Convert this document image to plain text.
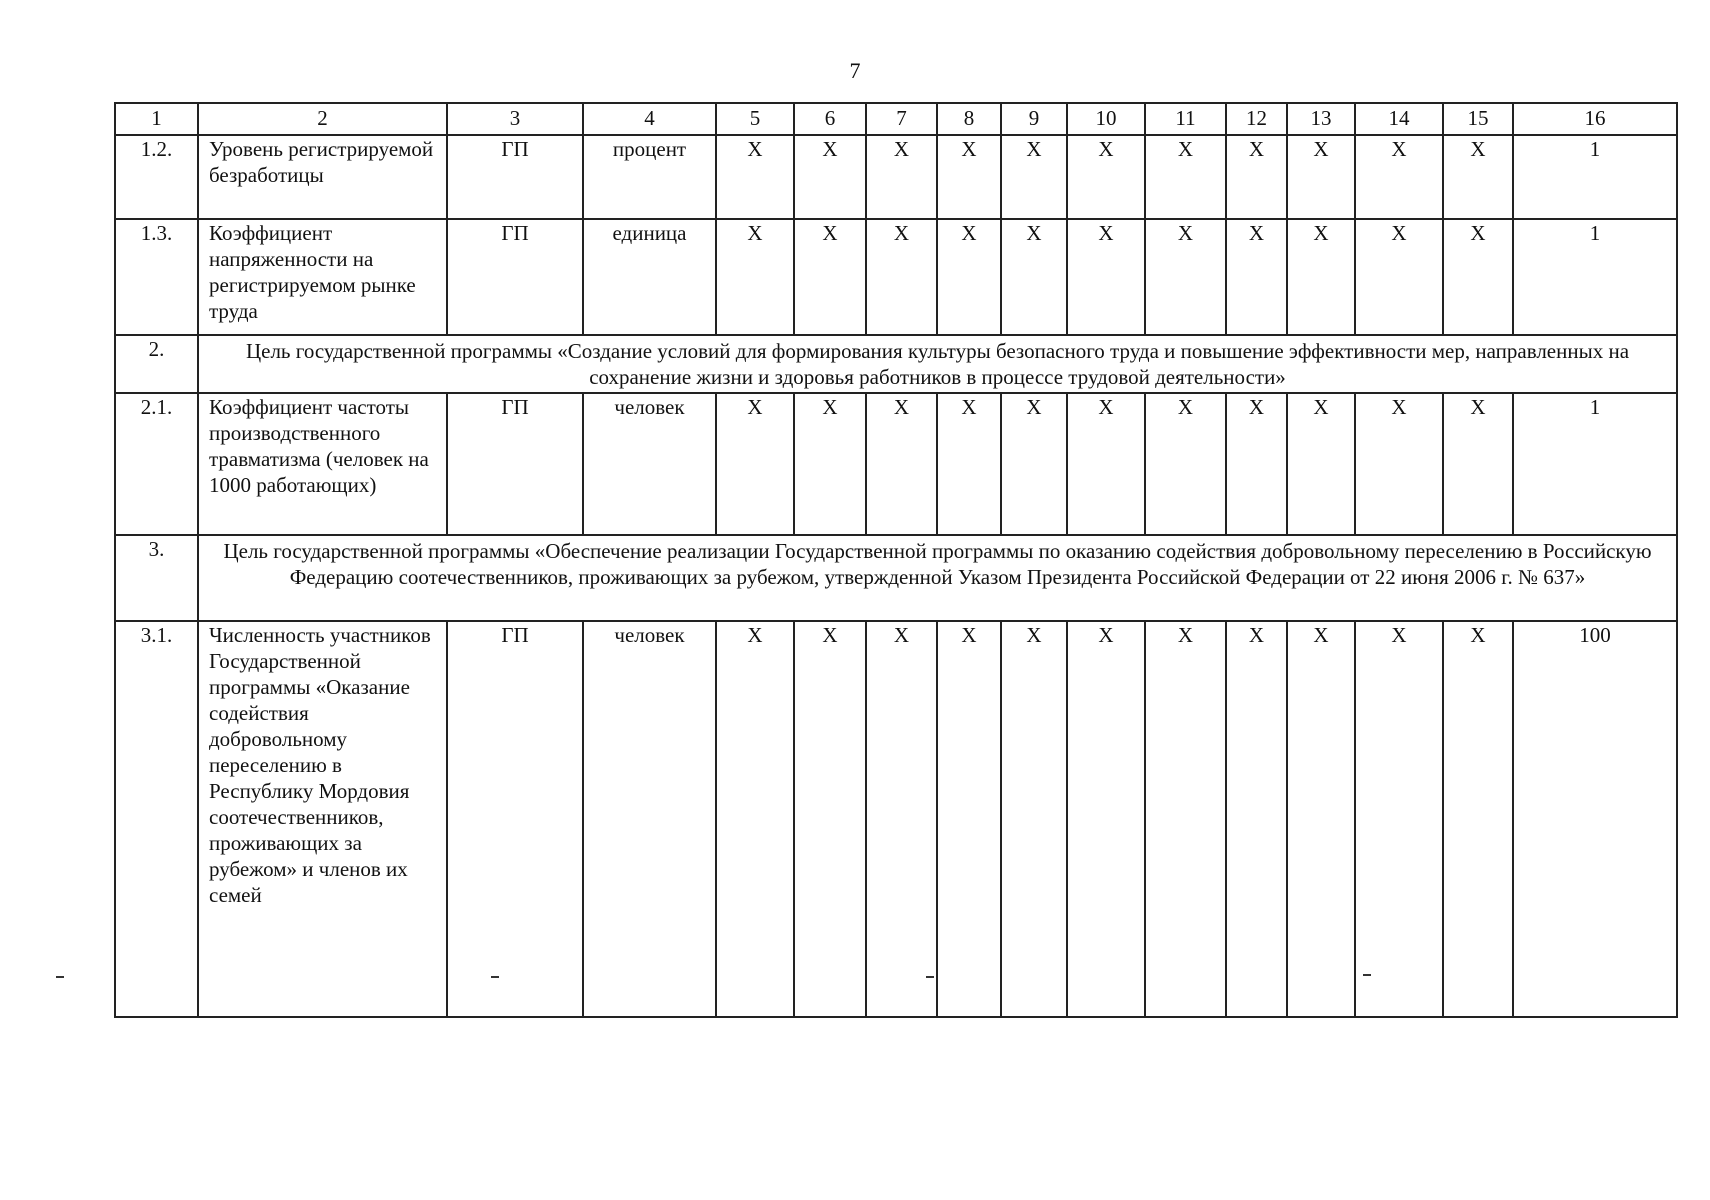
7
1	2	3	4	5	6	7	8	9	10	11	12	13	14	15	16
1.2.	Уровень регистрируемой безработицы	ГП	процент	X	X	X	X	X	X	X	X	X	X	X	1
1.3.	Коэффициент напряженности на регистрируемом рынке труда	ГП	единица	X	X	X	X	X	X	X	X	X	X	X	1
2.	Цель государственной программы «Создание условий для формирования культуры безопасного труда и повышение эффективности мер, направленных на сохранение жизни и здоровья работников в процессе трудовой деятельности»														
2.1.	Коэффициент частоты производственного травматизма (человек на 1000 работающих)	ГП	человек	X	X	X	X	X	X	X	X	X	X	X	1
3.	Цель государственной программы «Обеспечение реализации Государственной программы по оказанию содействия добровольному переселению в Российскую Федерацию соотечественников, проживающих за рубежом, утвержденной Указом Президента Российской Федерации от 22 июня 2006 г. № 637»														
3.1.	Численность участников Государственной программы «Оказание содействия добровольному переселению в Республику Мордовия соотечественников, проживающих за рубежом» и членов их семей	ГП	человек	X	X	X	X	X	X	X	X	X	X	X	100
